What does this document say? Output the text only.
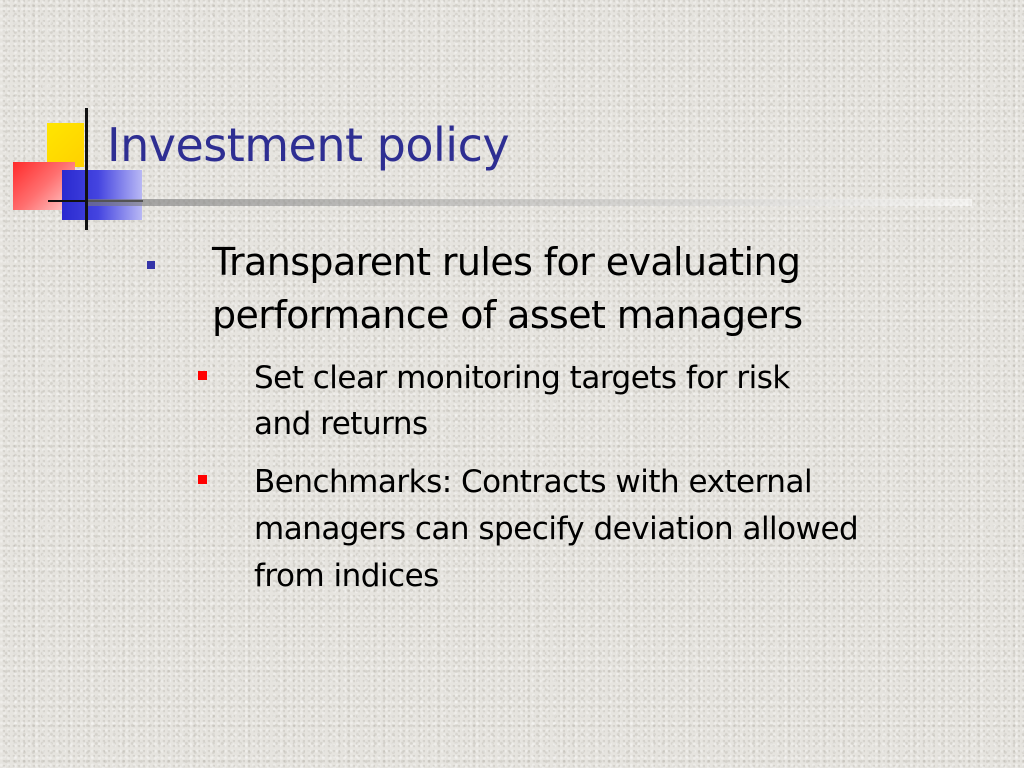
Investment policy

Transparent rules for evaluating
performance of asset managers

Set clear monitoring targets for risk
and returns

Benchmarks: Contracts with external
managers can specify deviation allowed
from indices
